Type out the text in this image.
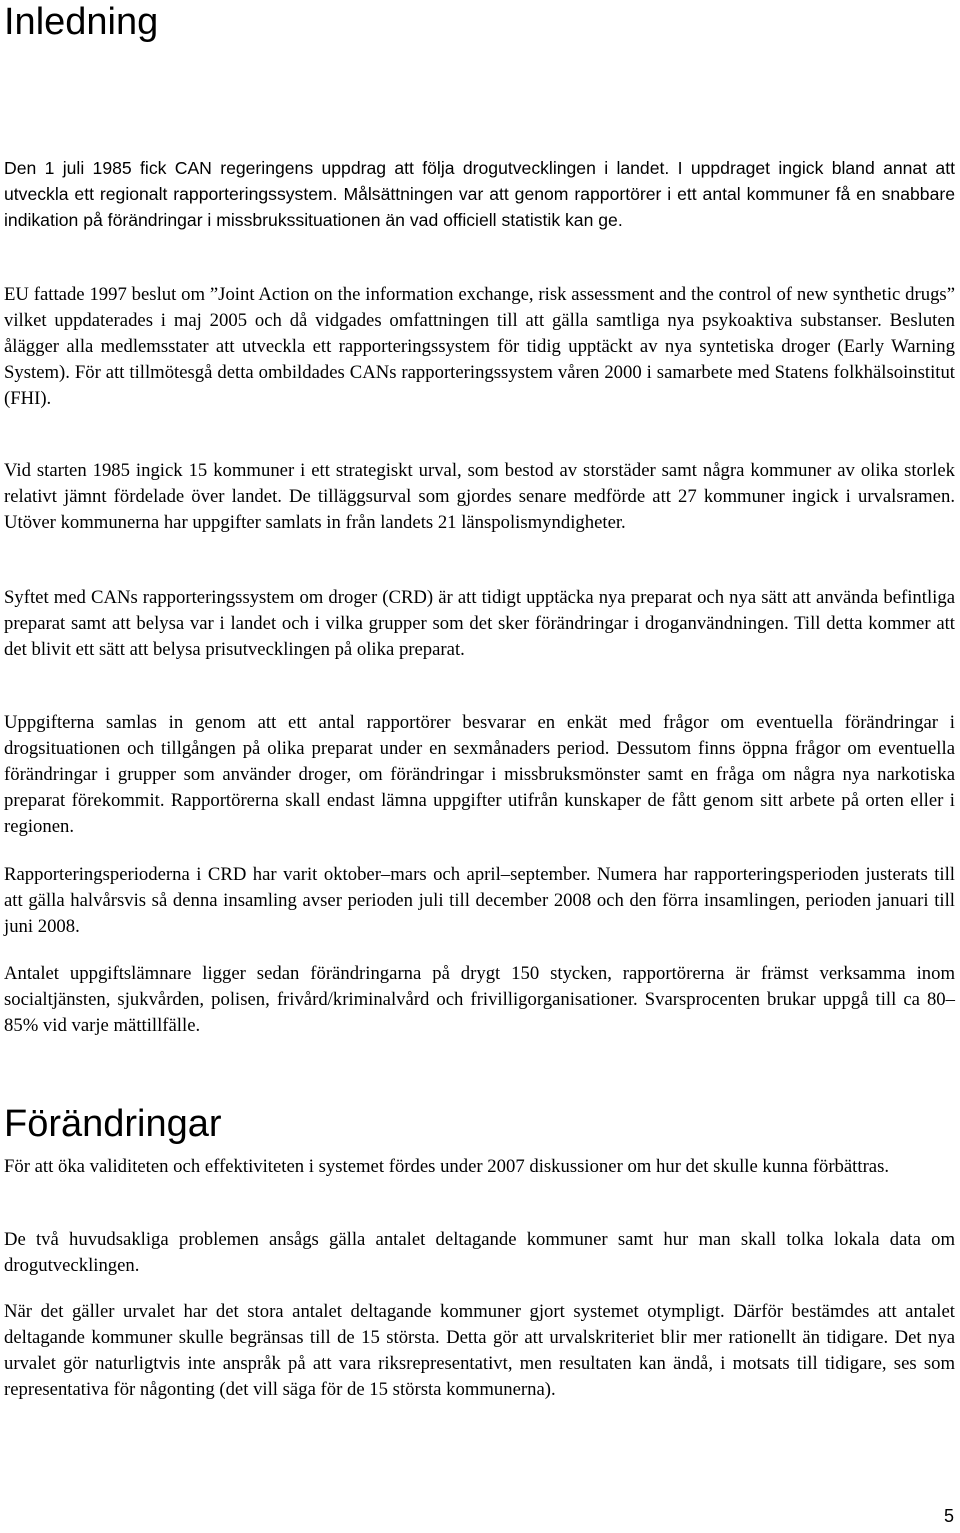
Inledning

Den 1 juli 1985 fick CAN regeringens uppdrag att följa drogutvecklingen i landet. I uppdraget ingick bland annat att utveckla ett regionalt rapporteringssystem. Målsättningen var att genom rapportörer i ett antal kommuner få en snabbare indikation på förändringar i missbrukssituationen än vad officiell statistik kan ge.

EU fattade 1997 beslut om ”Joint Action on the information exchange, risk assessment and the control of new synthetic drugs” vilket uppdaterades i maj 2005 och då vidgades omfattningen till att gälla samtliga nya psykoaktiva substanser. Besluten ålägger alla medlemsstater att utveckla ett rapporteringssystem för tidig upptäckt av nya syntetiska droger (Early Warning System). För att tillmötesgå detta ombildades CANs rapporteringssystem våren 2000 i samarbete med Statens folkhälsoinstitut (FHI).

Vid starten 1985 ingick 15 kommuner i ett strategiskt urval, som bestod av storstäder samt några kommuner av olika storlek relativt jämnt fördelade över landet. De tilläggsurval som gjordes senare medförde att 27 kommuner ingick i urvalsramen. Utöver kommunerna har uppgifter samlats in från landets 21 länspolismyndigheter.

Syftet med CANs rapporteringssystem om droger (CRD) är att tidigt upptäcka nya preparat och nya sätt att använda befintliga preparat samt att belysa var i landet och i vilka grupper som det sker förändringar i droganvändningen. Till detta kommer att det blivit ett sätt att belysa prisutvecklingen på olika preparat.

Uppgifterna samlas in genom att ett antal rapportörer besvarar en enkät med frågor om eventuella förändringar i drogsituationen och tillgången på olika preparat under en sexmånaders period. Dessutom finns öppna frågor om eventuella förändringar i grupper som använder droger, om förändringar i missbruksmönster samt en fråga om några nya narkotiska preparat förekommit. Rapportörerna skall endast lämna uppgifter utifrån kunskaper de fått genom sitt arbete på orten eller i regionen.

Rapporteringsperioderna i CRD har varit oktober–mars och april–september. Numera har rapporteringsperioden justerats till att gälla halvårsvis så denna insamling avser perioden juli till december 2008 och den förra insamlingen, perioden januari till juni 2008.

Antalet uppgiftslämnare ligger sedan förändringarna på drygt 150 stycken, rapportörerna är främst verksamma inom socialtjänsten, sjukvården, polisen, frivård/kriminalvård och frivilligorganisationer. Svarsprocenten brukar uppgå till ca 80–85% vid varje mättillfälle.

Förändringar

För att öka validiteten och effektiviteten i systemet fördes under 2007 diskussioner om hur det skulle kunna förbättras.

De två huvudsakliga problemen ansågs gälla antalet deltagande kommuner samt hur man skall tolka lokala data om drogutvecklingen.

När det gäller urvalet har det stora antalet deltagande kommuner gjort systemet otympligt. Därför bestämdes att antalet deltagande kommuner skulle begränsas till de 15 största. Detta gör att urvalskriteriet blir mer rationellt än tidigare. Det nya urvalet gör naturligtvis inte anspråk på att vara riksrepresentativt, men resultaten kan ändå, i motsats till tidigare, ses som representativa för någonting (det vill säga för de 15 största kommunerna).

5
